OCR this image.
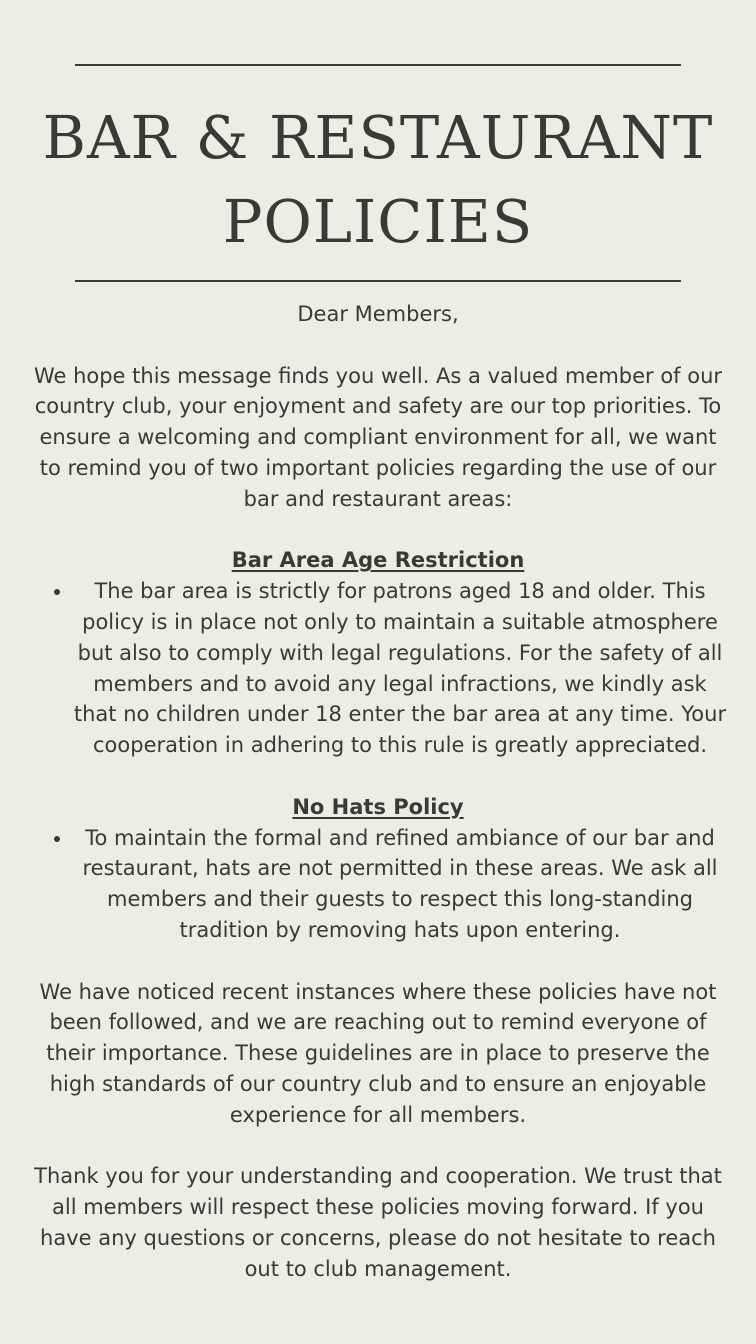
BAR & RESTAURANT
POLICIES

Dear Members,

We hope this message finds you well. As a valued member of our country club, your enjoyment and safety are our top priorities. To ensure a welcoming and compliant environment for all, we want to remind you of two important policies regarding the use of our bar and restaurant areas:

Bar Area Age Restriction

The bar area is strictly for patrons aged 18 and older. This policy is in place not only to maintain a suitable atmosphere but also to comply with legal regulations. For the safety of all members and to avoid any legal infractions, we kindly ask that no children under 18 enter the bar area at any time. Your cooperation in adhering to this rule is greatly appreciated.

No Hats Policy

To maintain the formal and refined ambiance of our bar and restaurant, hats are not permitted in these areas. We ask all members and their guests to respect this long-standing tradition by removing hats upon entering.

We have noticed recent instances where these policies have not been followed, and we are reaching out to remind everyone of their importance. These guidelines are in place to preserve the high standards of our country club and to ensure an enjoyable experience for all members.

Thank you for your understanding and cooperation. We trust that all members will respect these policies moving forward. If you have any questions or concerns, please do not hesitate to reach out to club management.
